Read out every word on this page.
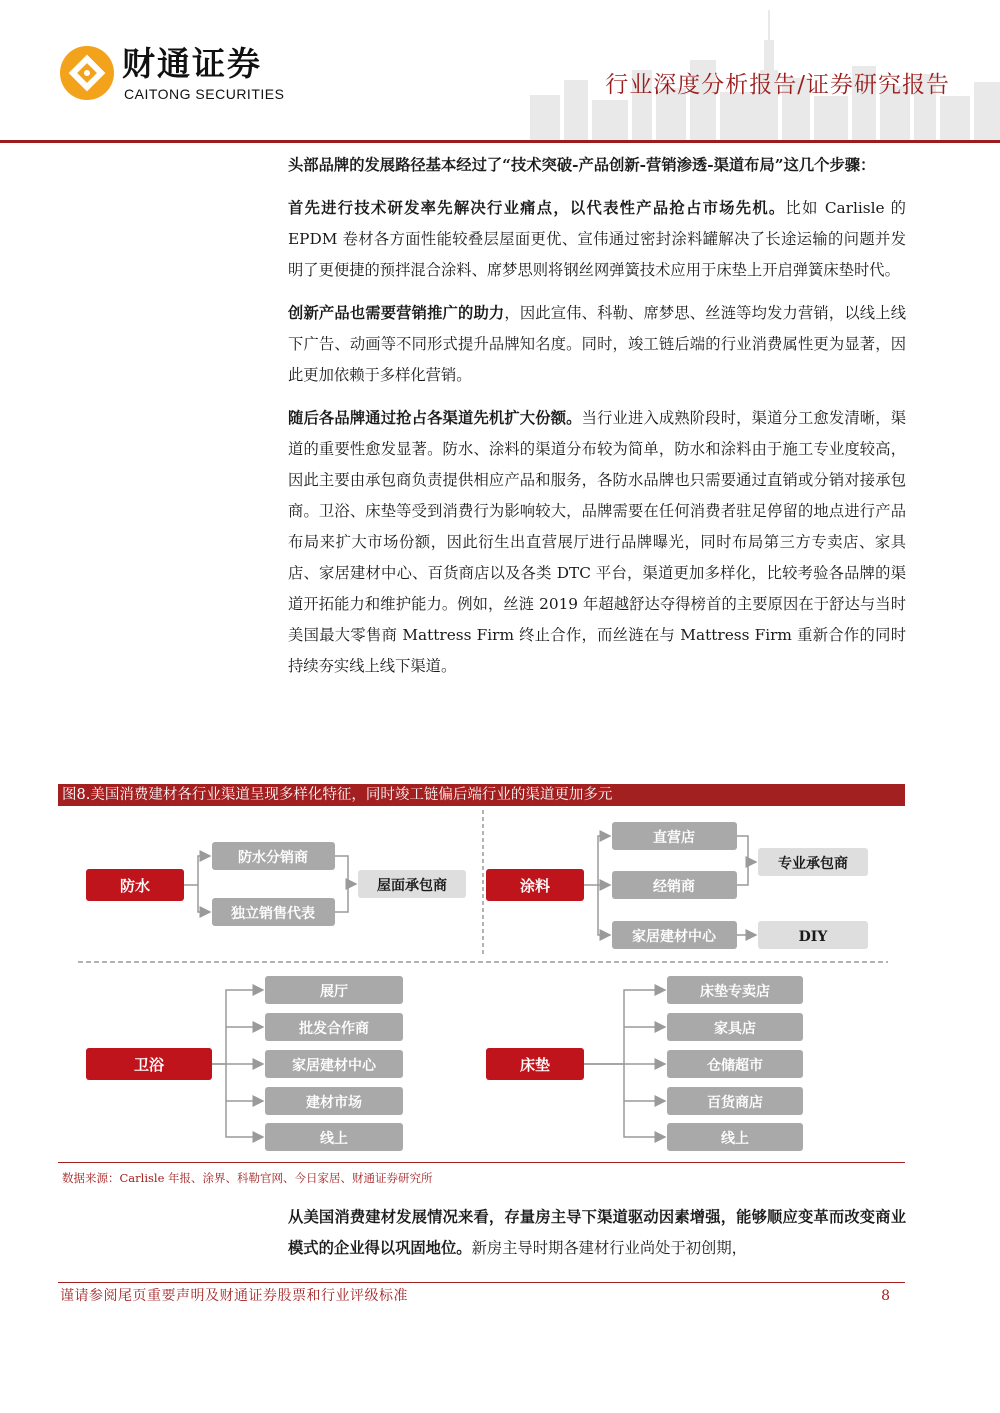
财通证券
CAITONG SECURITIES	行业深度分析报告/证券研究报告

头部品牌的发展路径基本经过了“技术突破-产品创新-营销渗透-渠道布局”这几个步骤：

首先进行技术研发率先解决行业痛点，以代表性产品抢占市场先机。比如 Carlisle 的 EPDM 卷材各方面性能较叠层屋面更优、宣伟通过密封涂料罐解决了长途运输的问题并发明了更便捷的预拌混合涂料、席梦思则将钢丝网弹簧技术应用于床垫上开启弹簧床垫时代。

创新产品也需要营销推广的助力，因此宣伟、科勒、席梦思、丝涟等均发力营销，以线上线下广告、动画等不同形式提升品牌知名度。同时，竣工链后端的行业消费属性更为显著，因此更加依赖于多样化营销。

随后各品牌通过抢占各渠道先机扩大份额。当行业进入成熟阶段时，渠道分工愈发清晰，渠道的重要性愈发显著。防水、涂料的渠道分布较为简单，防水和涂料由于施工专业度较高，因此主要由承包商负责提供相应产品和服务，各防水品牌也只需要通过直销或分销对接承包商。卫浴、床垫等受到消费行为影响较大，品牌需要在任何消费者驻足停留的地点进行产品布局来扩大市场份额，因此衍生出直营展厅进行品牌曝光，同时布局第三方专卖店、家具店、家居建材中心、百货商店以及各类 DTC 平台，渠道更加多样化，比较考验各品牌的渠道开拓能力和维护能力。例如，丝涟 2019 年超越舒达夺得榜首的主要原因在于舒达与当时美国最大零售商 Mattress Firm 终止合作，而丝涟在与 Mattress Firm 重新合作的同时持续夯实线上线下渠道。

图8.美国消费建材各行业渠道呈现多样化特征，同时竣工链偏后端行业的渠道更加多元
防水
防水分销商
独立销售代表
屋面承包商	涂料
直营店
经销商
家居建材中心
专业承包商
DIY
卫浴
展厅
批发合作商
家居建材中心
建材市场
线上
床垫
床垫专卖店
家具店
仓储超市
百货商店
线上
数据来源：Carlisle 年报、涂界、科勒官网、今日家居、财通证券研究所

从美国消费建材发展情况来看，存量房主导下渠道驱动因素增强，能够顺应变革而改变商业模式的企业得以巩固地位。新房主导时期各建材行业尚处于初创期，

谨请参阅尾页重要声明及财通证券股票和行业评级标准	8
